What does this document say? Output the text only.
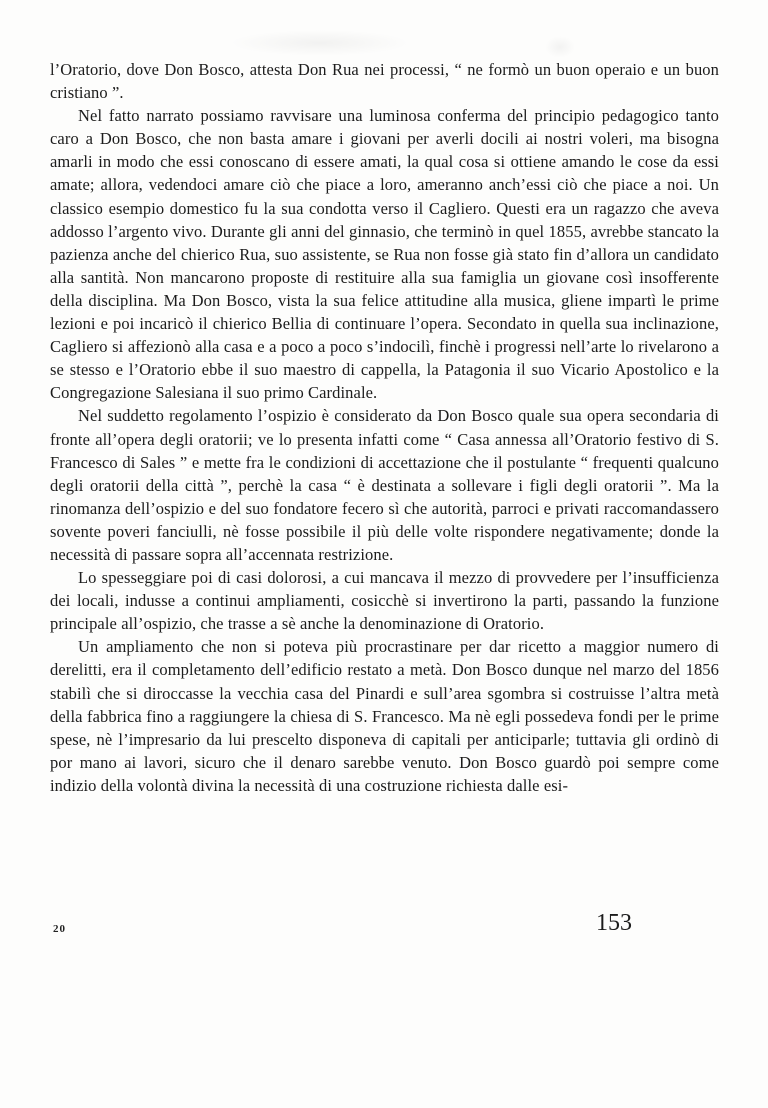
l’Oratorio, dove Don Bosco, attesta Don Rua nei processi, “ ne formò un buon operaio e un buon cristiano ”.

Nel fatto narrato possiamo ravvisare una luminosa conferma del principio pedagogico tanto caro a Don Bosco, che non basta amare i giovani per averli docili ai nostri voleri, ma bisogna amarli in modo che essi conoscano di essere amati, la qual cosa si ottiene amando le cose da essi amate; allora, vedendoci amare ciò che piace a loro, ameranno anch’essi ciò che piace a noi. Un classico esempio domestico fu la sua condotta verso il Cagliero. Questi era un ragazzo che aveva addosso l’argento vivo. Durante gli anni del ginnasio, che terminò in quel 1855, avrebbe stancato la pazienza anche del chierico Rua, suo assistente, se Rua non fosse già stato fin d’allora un candidato alla santità. Non mancarono proposte di restituire alla sua famiglia un giovane così insofferente della disciplina. Ma Don Bosco, vista la sua felice attitudine alla musica, gliene impartì le prime lezioni e poi incaricò il chierico Bellia di continuare l’opera. Secondato in quella sua inclinazione, Cagliero si affezionò alla casa e a poco a poco s’indocilì, finchè i progressi nell’arte lo rivelarono a se stesso e l’Oratorio ebbe il suo maestro di cappella, la Patagonia il suo Vicario Apostolico e la Congregazione Salesiana il suo primo Cardinale.

Nel suddetto regolamento l’ospizio è considerato da Don Bosco quale sua opera secondaria di fronte all’opera degli oratorii; ve lo presenta infatti come “ Casa annessa all’Oratorio festivo di S. Francesco di Sales ” e mette fra le condizioni di accettazione che il postulante “ frequenti qualcuno degli oratorii della città ”, perchè la casa “ è destinata a sollevare i figli degli oratorii ”. Ma la rinomanza dell’ospizio e del suo fondatore fecero sì che autorità, parroci e privati raccomandassero sovente poveri fanciulli, nè fosse possibile il più delle volte rispondere negativamente; donde la necessità di passare sopra all’accennata restrizione.

Lo spesseggiare poi di casi dolorosi, a cui mancava il mezzo di provvedere per l’insufficienza dei locali, indusse a continui ampliamenti, cosicchè si invertirono la parti, passando la funzione principale all’ospizio, che trasse a sè anche la denominazione di Oratorio.

Un ampliamento che non si poteva più procrastinare per dar ricetto a maggior numero di derelitti, era il completamento dell’edificio restato a metà. Don Bosco dunque nel marzo del 1856 stabilì che si diroccasse la vecchia casa del Pinardi e sull’area sgombra si costruisse l’altra metà della fabbrica fino a raggiungere la chiesa di S. Francesco. Ma nè egli possedeva fondi per le prime spese, nè l’impresario da lui prescelto disponeva di capitali per anticiparle; tuttavia gli ordinò di por mano ai lavori, sicuro che il denaro sarebbe venuto. Don Bosco guardò poi sempre come indizio della volontà divina la necessità di una costruzione richiesta dalle esi-

20	153
